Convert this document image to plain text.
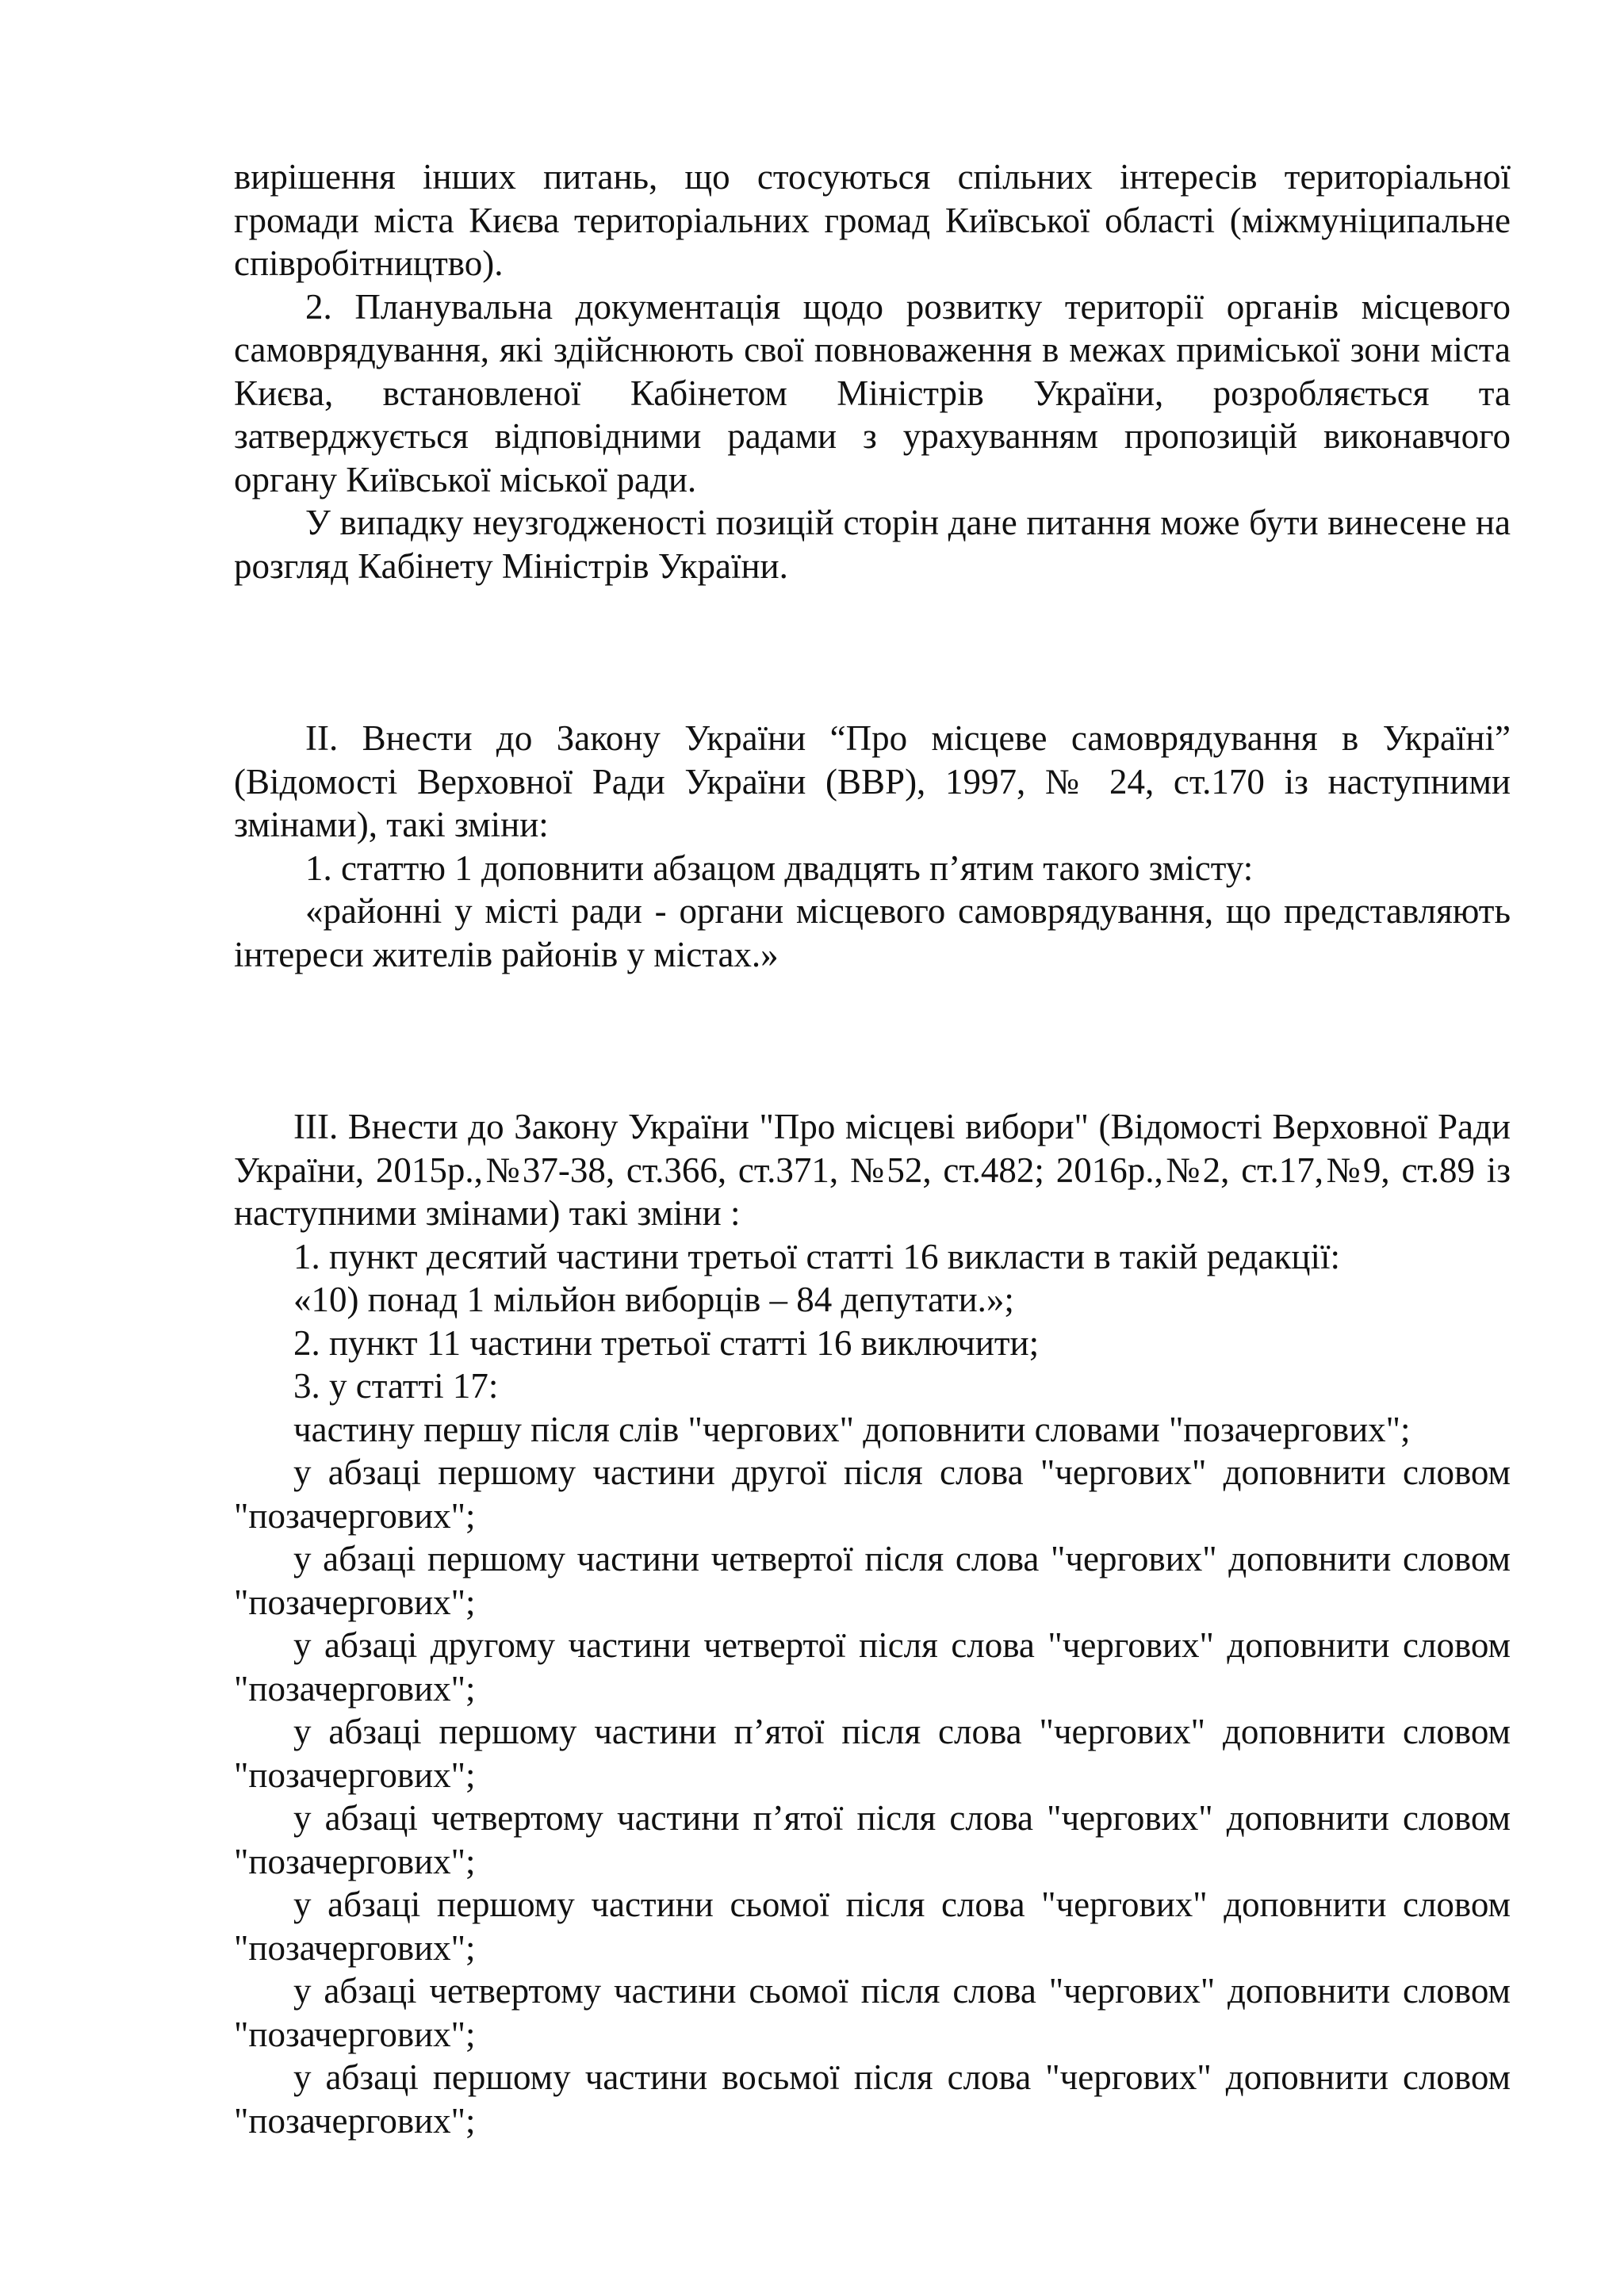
вирішення інших питань, що стосуються спільних інтересів територіальної громади міста Києва територіальних громад Київської області (міжмуніципальне співробітництво).

2. Планувальна документація щодо розвитку території органів місцевого самоврядування, які здійснюють свої повноваження в межах приміської зони міста Києва, встановленої Кабінетом Міністрів України, розробляється та затверджується відповідними радами з урахуванням пропозицій виконавчого органу Київської міської ради.

У випадку неузгодженості позицій сторін дане питання може бути винесене на розгляд Кабінету Міністрів України.

II. Внести до Закону України “Про місцеве самоврядування в Україні” (Відомості Верховної Ради України (ВВР), 1997, № 24, ст.170 із наступними змінами), такі зміни:

1. статтю 1 доповнити абзацом двадцять п’ятим такого змісту:

«районні у місті ради - органи місцевого самоврядування, що представляють інтереси жителів районів у містах.»

III. Внести до Закону України "Про місцеві вибори" (Відомості Верховної Ради України, 2015р.,№37-38, ст.366, ст.371, №52, ст.482; 2016р.,№2, ст.17,№9, ст.89 із наступними змінами) такі зміни :

1. пункт десятий частини третьої статті 16 викласти в такій редакції:

«10) понад 1 мільйон виборців – 84 депутати.»;

2. пункт 11 частини третьої статті 16 виключити;

3. у статті 17:

частину першу після слів "чергових" доповнити словами "позачергових";

у абзаці першому частини другої після слова "чергових" доповнити словом "позачергових";

у абзаці першому частини четвертої після слова "чергових" доповнити словом "позачергових";

у абзаці другому частини четвертої після слова "чергових" доповнити словом "позачергових";

у абзаці першому частини п’ятої після слова "чергових" доповнити словом "позачергових";

у абзаці четвертому частини п’ятої після слова "чергових" доповнити словом "позачергових";

у абзаці першому частини сьомої після слова "чергових" доповнити словом "позачергових";

у абзаці четвертому частини сьомої після слова "чергових" доповнити словом "позачергових";

у абзаці першому частини восьмої після слова "чергових" доповнити словом "позачергових";
